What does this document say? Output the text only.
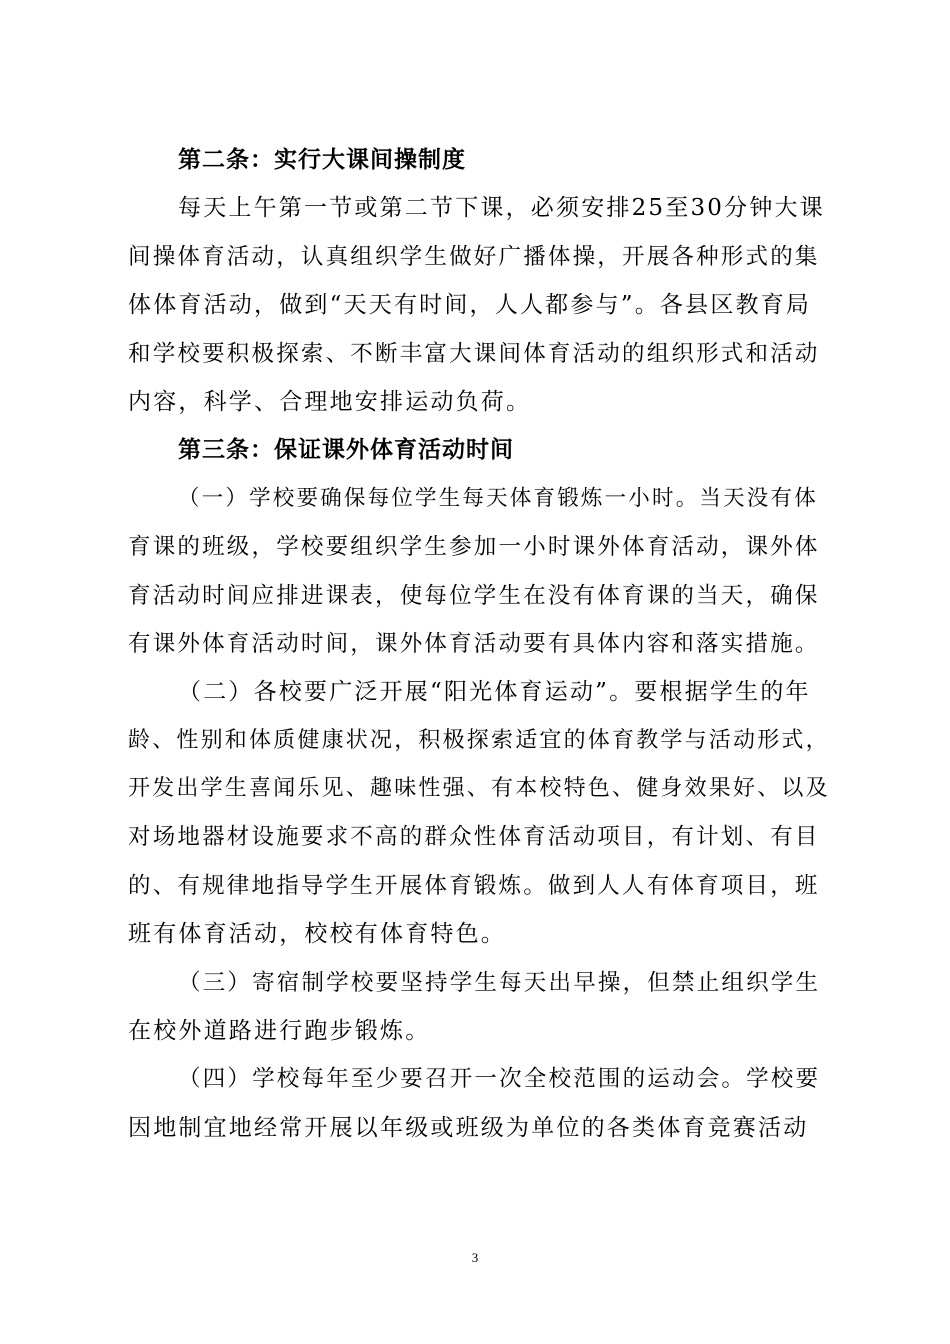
第二条：实行大课间操制度
每天上午第一节或第二节下课，必须安排25至30分钟大课
间操体育活动，认真组织学生做好广播体操，开展各种形式的集
体体育活动，做到“天天有时间，人人都参与”。各县区教育局
和学校要积极探索、不断丰富大课间体育活动的组织形式和活动
内容，科学、合理地安排运动负荷。
第三条：保证课外体育活动时间
（一）学校要确保每位学生每天体育锻炼一小时。当天没有体
育课的班级，学校要组织学生参加一小时课外体育活动，课外体
育活动时间应排进课表，使每位学生在没有体育课的当天，确保
有课外体育活动时间，课外体育活动要有具体内容和落实措施。
（二）各校要广泛开展“阳光体育运动”。要根据学生的年
龄、性别和体质健康状况，积极探索适宜的体育教学与活动形式，
开发出学生喜闻乐见、趣味性强、有本校特色、健身效果好、以及
对场地器材设施要求不高的群众性体育活动项目，有计划、有目
的、有规律地指导学生开展体育锻炼。做到人人有体育项目，班
班有体育活动，校校有体育特色。
（三）寄宿制学校要坚持学生每天出早操，但禁止组织学生
在校外道路进行跑步锻炼。
（四）学校每年至少要召开一次全校范围的运动会。学校要
因地制宜地经常开展以年级或班级为单位的各类体育竞赛活动
3
